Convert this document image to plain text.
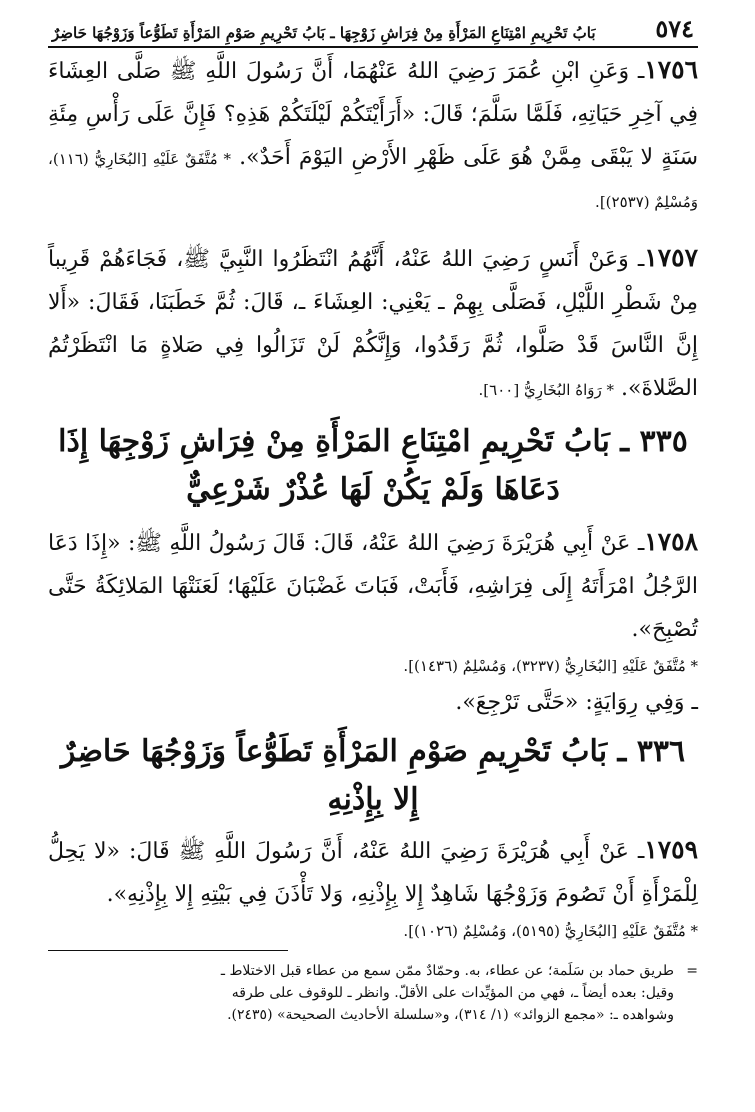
٥٧٤
بَابُ تَحْرِيمِ امْتِنَاعِ المَرْأَةِ مِنْ فِرَاشِ زَوْجِهَا ـ بَابُ تَحْرِيمِ صَوْمِ المَرْأَةِ تَطَوُّعاً وَزَوْجُهَا حَاضِرٌ

١٧٥٦ـ وَعَنِ ابْنِ عُمَرَ رَضِيَ اللهُ عَنْهُمَا، أَنَّ رَسُولَ اللَّهِ ﷺ صَلَّى العِشَاءَ فِي آخِرِ حَيَاتِهِ، فَلَمَّا سَلَّمَ؛ قَالَ: «أَرَأَيْتَكُمْ لَيْلَتَكُمْ هَذِهِ؟ فَإِنَّ عَلَى رَأْسِ مِئَةِ سَنَةٍ لا يَبْقَى مِمَّنْ هُوَ عَلَى ظَهْرِ الأَرْضِ اليَوْمَ أَحَدٌ». * مُتَّفَقٌ عَلَيْهِ [البُخَارِيُّ (١١٦)، وَمُسْلِمٌ (٢٥٣٧)].

١٧٥٧ـ وَعَنْ أَنَسٍ رَضِيَ اللهُ عَنْهُ، أَنَّهُمُ انْتَظَرُوا النَّبِيَّ ﷺ، فَجَاءَهُمْ قَرِيباً مِنْ شَطْرِ اللَّيْلِ، فَصَلَّى بِهِمْ ـ يَعْنِي: العِشَاءَ ـ، قَالَ: ثُمَّ خَطَبَنَا، فَقَالَ: «أَلا إِنَّ النَّاسَ قَدْ صَلَّوا، ثُمَّ رَقَدُوا، وَإِنَّكُمْ لَنْ تَزَالُوا فِي صَلاةٍ مَا انْتَظَرْتُمُ الصَّلاةَ». * رَوَاهُ البُخَارِيُّ [٦٠٠].

٣٣٥ ـ بَابُ تَحْرِيمِ امْتِنَاعِ المَرْأَةِ مِنْ فِرَاشِ زَوْجِهَا إِذَا دَعَاهَا وَلَمْ يَكُنْ لَهَا عُذْرٌ شَرْعِيٌّ

١٧٥٨ـ عَنْ أَبِي هُرَيْرَةَ رَضِيَ اللهُ عَنْهُ، قَالَ: قَالَ رَسُولُ اللَّهِ ﷺ: «إِذَا دَعَا الرَّجُلُ امْرَأَتَهُ إِلَى فِرَاشِهِ، فَأَبَتْ، فَبَاتَ غَضْبَانَ عَلَيْهَا؛ لَعَنَتْهَا المَلائِكَةُ حَتَّى تُصْبِحَ».

* مُتَّفَقٌ عَلَيْهِ [البُخَارِيُّ (٣٢٣٧)، وَمُسْلِمٌ (١٤٣٦)].

ـ وَفِي رِوَايَةٍ: «حَتَّى تَرْجِعَ».

٣٣٦ ـ بَابُ تَحْرِيمِ صَوْمِ المَرْأَةِ تَطَوُّعاً وَزَوْجُهَا حَاضِرٌ إِلا بِإِذْنِهِ

١٧٥٩ـ عَنْ أَبِي هُرَيْرَةَ رَضِيَ اللهُ عَنْهُ، أَنَّ رَسُولَ اللَّهِ ﷺ قَالَ: «لا يَحِلُّ لِلْمَرْأَةِ أَنْ تَصُومَ وَزَوْجُهَا شَاهِدٌ إِلا بِإِذْنِهِ، وَلا تَأْذَنَ فِي بَيْتِهِ إِلا بِإِذْنِهِ».

* مُتَّفَقٌ عَلَيْهِ [البُخَارِيُّ (٥١٩٥)، وَمُسْلِمٌ (١٠٢٦)].

=
طريق حماد بن سَلَمة؛ عن عطاء، به. وحمّادٌ ممّن سمع من عطاء قبل الاختلاط ـ
وقيل: بعده أيضاً ـ، فهي من المؤيِّدات على الأقلّ. وانظر ـ للوقوف على طرقه
وشواهده ـ: «مجمع الزوائد» (١/ ٣١٤)، و«سلسلة الأحاديث الصحيحة» (٢٤٣٥).
